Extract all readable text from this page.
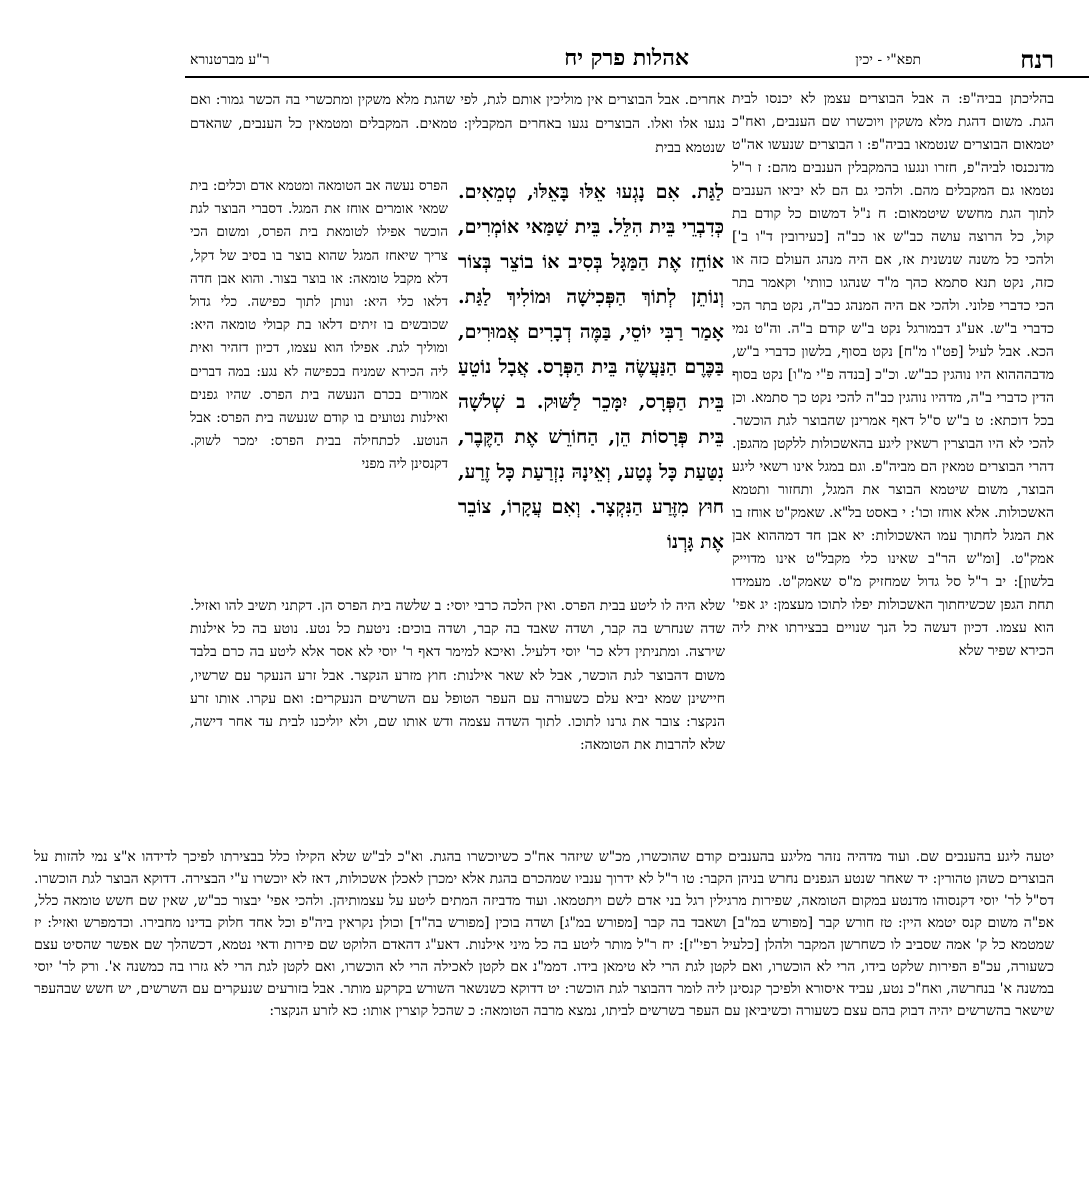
רנח
תפא"י - יכין
אהלות פרק יח
ר"ע מברטנורא
בהליכתן בביה"פ: ה אבל הבוצרים עצמן לא יכנסו לבית הגת. משום דהגת מלא משקין ויוכשרו שם הענבים, ואח"כ יטמאום הבוצרים שנטמאו בביה"פ: ו הבוצרים שנעשו אה"ט מדנכנסו לביה"פ, חזרו ונגעו בהמקבלין הענבים מהם: ז ר"ל נטמאו גם המקבלים מהם. ולהכי גם הם לא יביאו הענבים לתוך הגת מחשש שיטמאום: ח נ"ל דמשום כל קודם בת קול, כל הרוצה עושה כב"ש או כב"ה [כעירובין ד"ו ב'] ולהכי כל משנה שנשנית אז, אם היה מנהג העולם כזה או כזה, נקט תנא סתמא כהך מ"ד שנהגו כוותי' וקאמר בתר הכי כדברי פלוני. ולהכי אם היה המנהג כב"ה, נקט בתר הכי כדברי ב"ש. אע"ג דבמורגל נקט ב"ש קודם ב"ה. וה"ט נמי הכא. אבל לעיל [פט"ו מ"ח] נקט בסוף, בלשון כדברי ב"ש, מדבהההוא היו נוהגין כב"ש. וכ"כ [בנדה פ"י מ"ו] נקט בסוף הדין כדברי ב"ה, מדהיו נוהגין כב"ה להכי נקט כך סתמא. וכן בכל דוכתא: ט ב"ש ס"ל דאף אמרינן שהבוצר לגת הוכשר. להכי לא היו הבוצרין רשאין ליגע בהאשכולות ללקטן מהגפן. דהרי הבוצרים טמאין הם מביה"פ. וגם במגל אינו רשאי ליגע הבוצר, משום שיטמא הבוצר את המגל, ותחזור ותטמא האשכולות. אלא אוחז וכו': י באסט בל"א. שאמק"ט אוחז בו את המגל לחתוך עמו האשכולות: יא אבן חד דמההוא אבן אמק"ט. [ומ"ש הר"ב שאינו כלי מקבל"ט אינו מדוייק בלשון]: יב ר"ל סל גדול שמחזיק מ"ס שאמק"ט. מעמידו תחת הגפן שכשיחתוך האשכולות יפלו לתוכו מעצמן: יג אפי' הוא עצמו. דכיון דעשה כל הנך שנויים בבצירתו אית ליה הכירא שפיר שלא
אחרים. אבל הבוצרים אין מוליכין אותם לגת, לפי שהגת מלא משקין ומתכשרי בה הכשר גמור: ואם נגעו אלו ואלו. הבוצרים נגעו באחרים המקבלין: טמאים. המקבלים ומטמאין כל הענבים, שהאדם שנטמא בבית
לַגַּת. אִם נָגְעוּ אֵלּוּ בָּאֵלּוּ, טְמֵאִים. כְּדִבְרֵי בֵּית הִלֵּל. בֵּית שַׁמַּאי אוֹמְרִים, אוֹחֵז אֶת הַמַּגָּל בְּסִיב אוֹ בוֹצֵר בְּצוֹר וְנוֹתֵן לְתוֹךְ הַפְּכִישָׁה וּמוֹלִיךְ לַגַּת. אָמַר רַבִּי יוֹסֵי, בַּמֶּה דְבָרִים אֲמוּרִים, בַּכֶּרֶם הַנַּעֲשֶׂה בֵּית הַפְּרָס. אֲבָל נוֹטֵעַ בֵּית הַפְּרָס, יִמָּכֵר לַשּׁוּק. ב שְׁלשָׁה בֵּית פְּרָסוֹת הֵן, הַחוֹרֵשׁ אֶת הַקֶּבֶר, נִטַּעַת כָּל נֶטַע, וְאֵינָהּ נִזְרַעַת כָּל זֶרַע, חוּץ מִזֶּרַע הַנִּקְצָר. וְאִם עֲקָרוֹ, צוֹבֵר אֶת גָּרְנוֹ
הפרס נעשה אב הטומאה ומטמא אדם וכלים: בית שמאי אומרים אוחז את המגל. דסברי הבוצר לגת הוכשר אפילו לטומאת בית הפרס, ומשום הכי צריך שיאחז המגל שהוא בוצר בו בסיב של דקל, דלא מקבל טומאה: או בוצר בצור. והוא אבן חדה דלאו כלי היא: ונותן לתוך כפישה. כלי גדול שכובשים בו זיתים דלאו בת קבולי טומאה היא: ומוליך לגת. אפילו הוא עצמו, דכיון דזהיר ואית ליה הכירא שמניח בכפישה לא נגע: במה דברים אמורים בכרם הנעשה בית הפרס. שהיו גפנים ואילנות נטועים בו קודם שנעשה בית הפרס: אבל הנוטע. לכתחילה בבית הפרס: ימכר לשוק. דקנסינן ליה מפני
שלא היה לו ליטע בבית הפרס. ואין הלכה כרבי יוסי: ב שלשה בית הפרס הן. דקתני תשיב להו ואזיל. שדה שנחרש בה קבר, ושדה שאבד בה קבר, ושדה בוכים: ניטעת כל נטע. נוטע בה כל אילנות שירצה. ומתניתין דלא כר' יוסי דלעיל. ואיכא למימר דאף ר' יוסי לא אסר אלא ליטע בה כרם בלבד משום דהבוצר לגת הוכשר, אבל לא שאר אילנות: חוץ מזרע הנקצר. אבל זרע הנעקר עם שרשיו, חיישינן שמא יביא עלם כשעורה עם העפר הטופל עם השרשים הנעקרים: ואם עקרו. אותו זרע הנקצר: צובר את גרנו לתוכו. לתוך השדה עצמה ודש אותו שם, ולא יוליכנו לבית עד אחר דישה, שלא להרבות את הטומאה:
יטעה ליגע בהענבים שם. ועוד מדהיה נזהר מליגע בהענבים קודם שהוכשרו, מכ"ש שיזהר אח"כ כשיוכשרו בהגת. וא"כ לב"ש שלא הקילו כלל בבצירתו לפיכך לדידהו א"צ נמי להזות על הבוצרים כשהן טהורין: יד שאחר שנטע הגפנים נחרש בניהן הקבר: טו ר"ל לא ידרוך ענביו שמהכרם בהגת אלא ימכרן לאכלן אשכולות, דאז לא יוכשרו ע"י הבצירה. דדוקא הבוצר לגת הוכשרו. דס"ל לר' יוסי דקנסוהו מדנטע במקום הטומאה, שפירות מרגילין רגל בני אדם לשם ויתטמאו. ועוד מדביזה המתים ליטע על עצמותיהן. ולהכי אפי' יבצור כב"ש, שאין שם חשש טומאה כלל, אפ"ה משום קנס יטמא היין: טז חורש קבר [מפורש במ"ב] ושאבד בה קבר [מפורש במ"ג] ושדה בוכין [מפורש בה"ד] וכולן נקראין ביה"פ וכל אחד חלוק בדינו מחבירו. וכדמפרש ואזיל: יז שמטמא כל ק' אמה שסביב לו כשחרשן המקבר ולהלן [כלעיל רפי"ז]: יח ר"ל מותר ליטע בה כל מיני אילנות. דאע"ג דהאדם הלוקט שם פירות ודאי נטמא, דכשהלך שם אפשר שהסיט עצם כשעורה, עכ"פ הפירות שלקט בידו, הרי לא הוכשרו, ואם לקטן לגת הרי לא טימאן בידו. דממ"נ אם לקטן לאכילה הרי לא הוכשרו, ואם לקטן לגת הרי לא גזרו בה כמשנה א'. ורק לר' יוסי במשנה א' בנחרשה, ואח"כ נטע, עביד איסורא ולפיכך קנסינן ליה לומר דהבוצר לגת הוכשר: יט דדוקא כשנשאר השורש בקרקע מותר. אבל בזורעים שנעקרים עם השרשים, יש חשש שבהעפר שישאר בהשרשים יהיה דבוק בהם עצם כשעורה וכשיביאן עם העפר בשרשים לביתו, נמצא מרבה הטומאה: כ שהכל קוצרין אותו: כא לזרע הנקצר:
